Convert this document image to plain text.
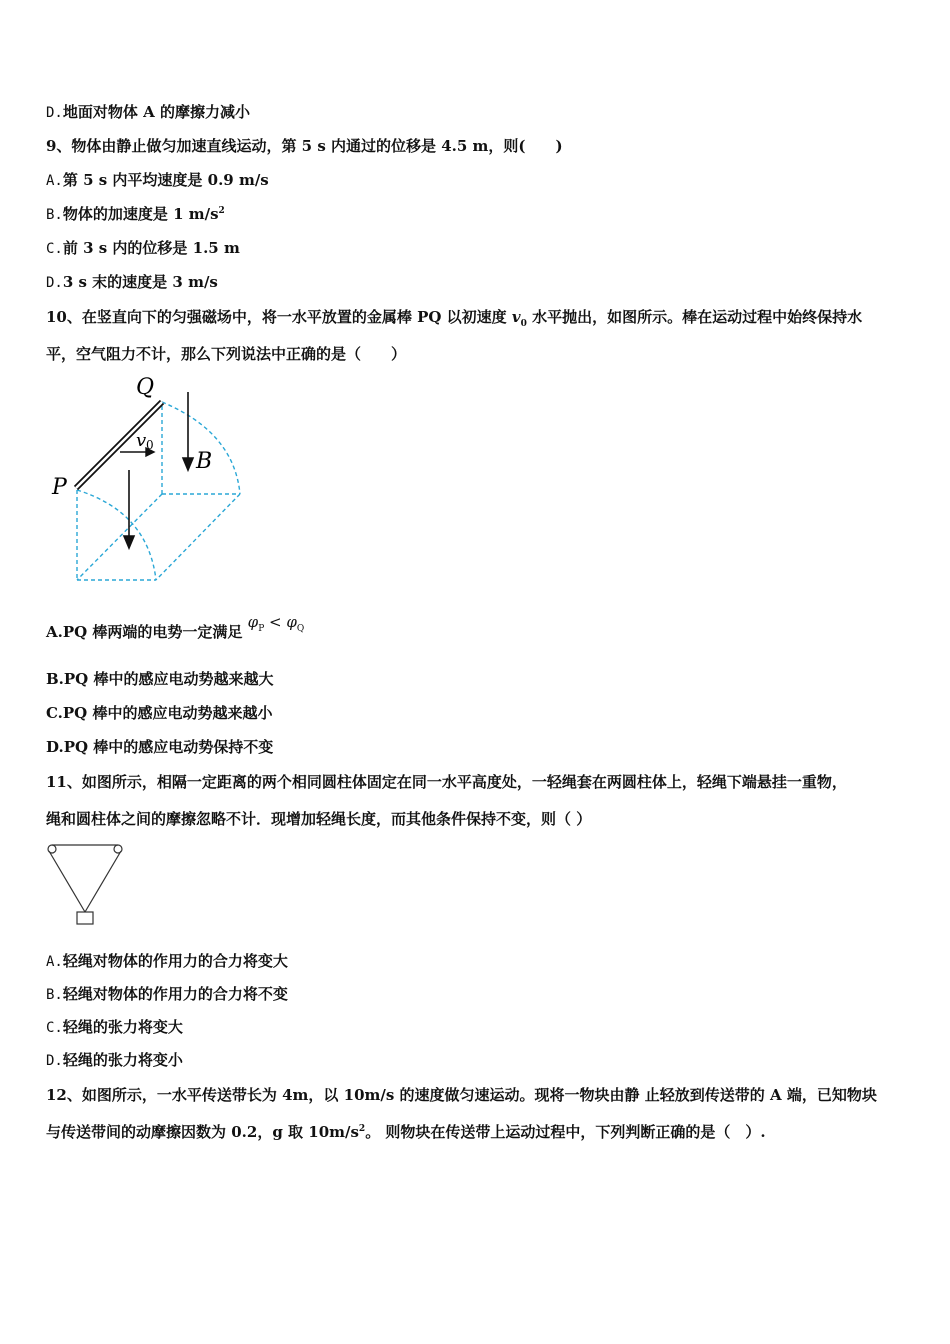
D.地面对物体 A 的摩擦力减小
9、物体由静止做匀加速直线运动，第 5 s 内通过的位移是 4.5 m，则(　　)
A.第 5 s 内平均速度是 0.9 m/s
B.物体的加速度是 1 $m/s^2$
C.前 3 s 内的位移是 1.5 m
D.3 s 末的速度是 3 m/s
10、在竖直向下的匀强磁场中，将一水平放置的金属棒 PQ 以初速度 $v_0$ 水平抛出，如图所示。棒在运动过程中始终保持水
平，空气阻力不计，那么下列说法中正确的是（　　）
Q
P
v 0
B
A.PQ 棒两端的电势一定满足 $\varphi_P < \varphi_Q$
B.PQ 棒中的感应电动势越来越大
C.PQ 棒中的感应电动势越来越小
D.PQ 棒中的感应电动势保持不变
11、如图所示，相隔一定距离的两个相同圆柱体固定在同一水平高度处，一轻绳套在两圆柱体上，轻绳下端悬挂一重物，
绳和圆柱体之间的摩擦忽略不计．现增加轻绳长度，而其他条件保持不变，则（ ）
A.轻绳对物体的作用力的合力将变大
B.轻绳对物体的作用力的合力将不变
C.轻绳的张力将变大
D.轻绳的张力将变小
12、如图所示，一水平传送带长为 4m，以 10m/s 的速度做匀速运动。现将一物块由静 止轻放到传送带的 A 端，已知物块
与传送带间的动摩擦因数为 0.2，g 取 $10m/s^2$。 则物块在传送带上运动过程中，下列判断正确的是（　）.
